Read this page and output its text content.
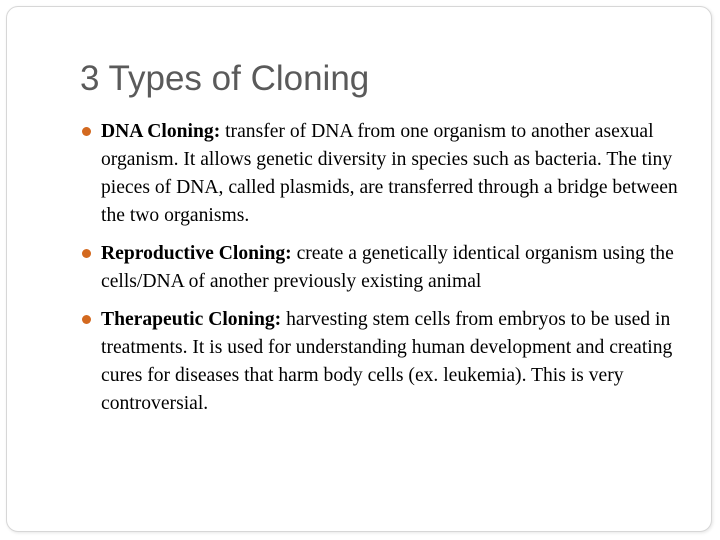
3 Types of Cloning
DNA Cloning: transfer of DNA from one organism to another asexual organism. It allows genetic diversity in species such as bacteria. The tiny pieces of DNA, called plasmids, are transferred through a bridge between the two organisms.
Reproductive Cloning: create a genetically identical organism using the cells/DNA of another previously existing animal
Therapeutic Cloning: harvesting stem cells from embryos to be used in treatments. It is used for understanding human development and creating cures for diseases that harm body cells (ex. leukemia). This is very controversial.
